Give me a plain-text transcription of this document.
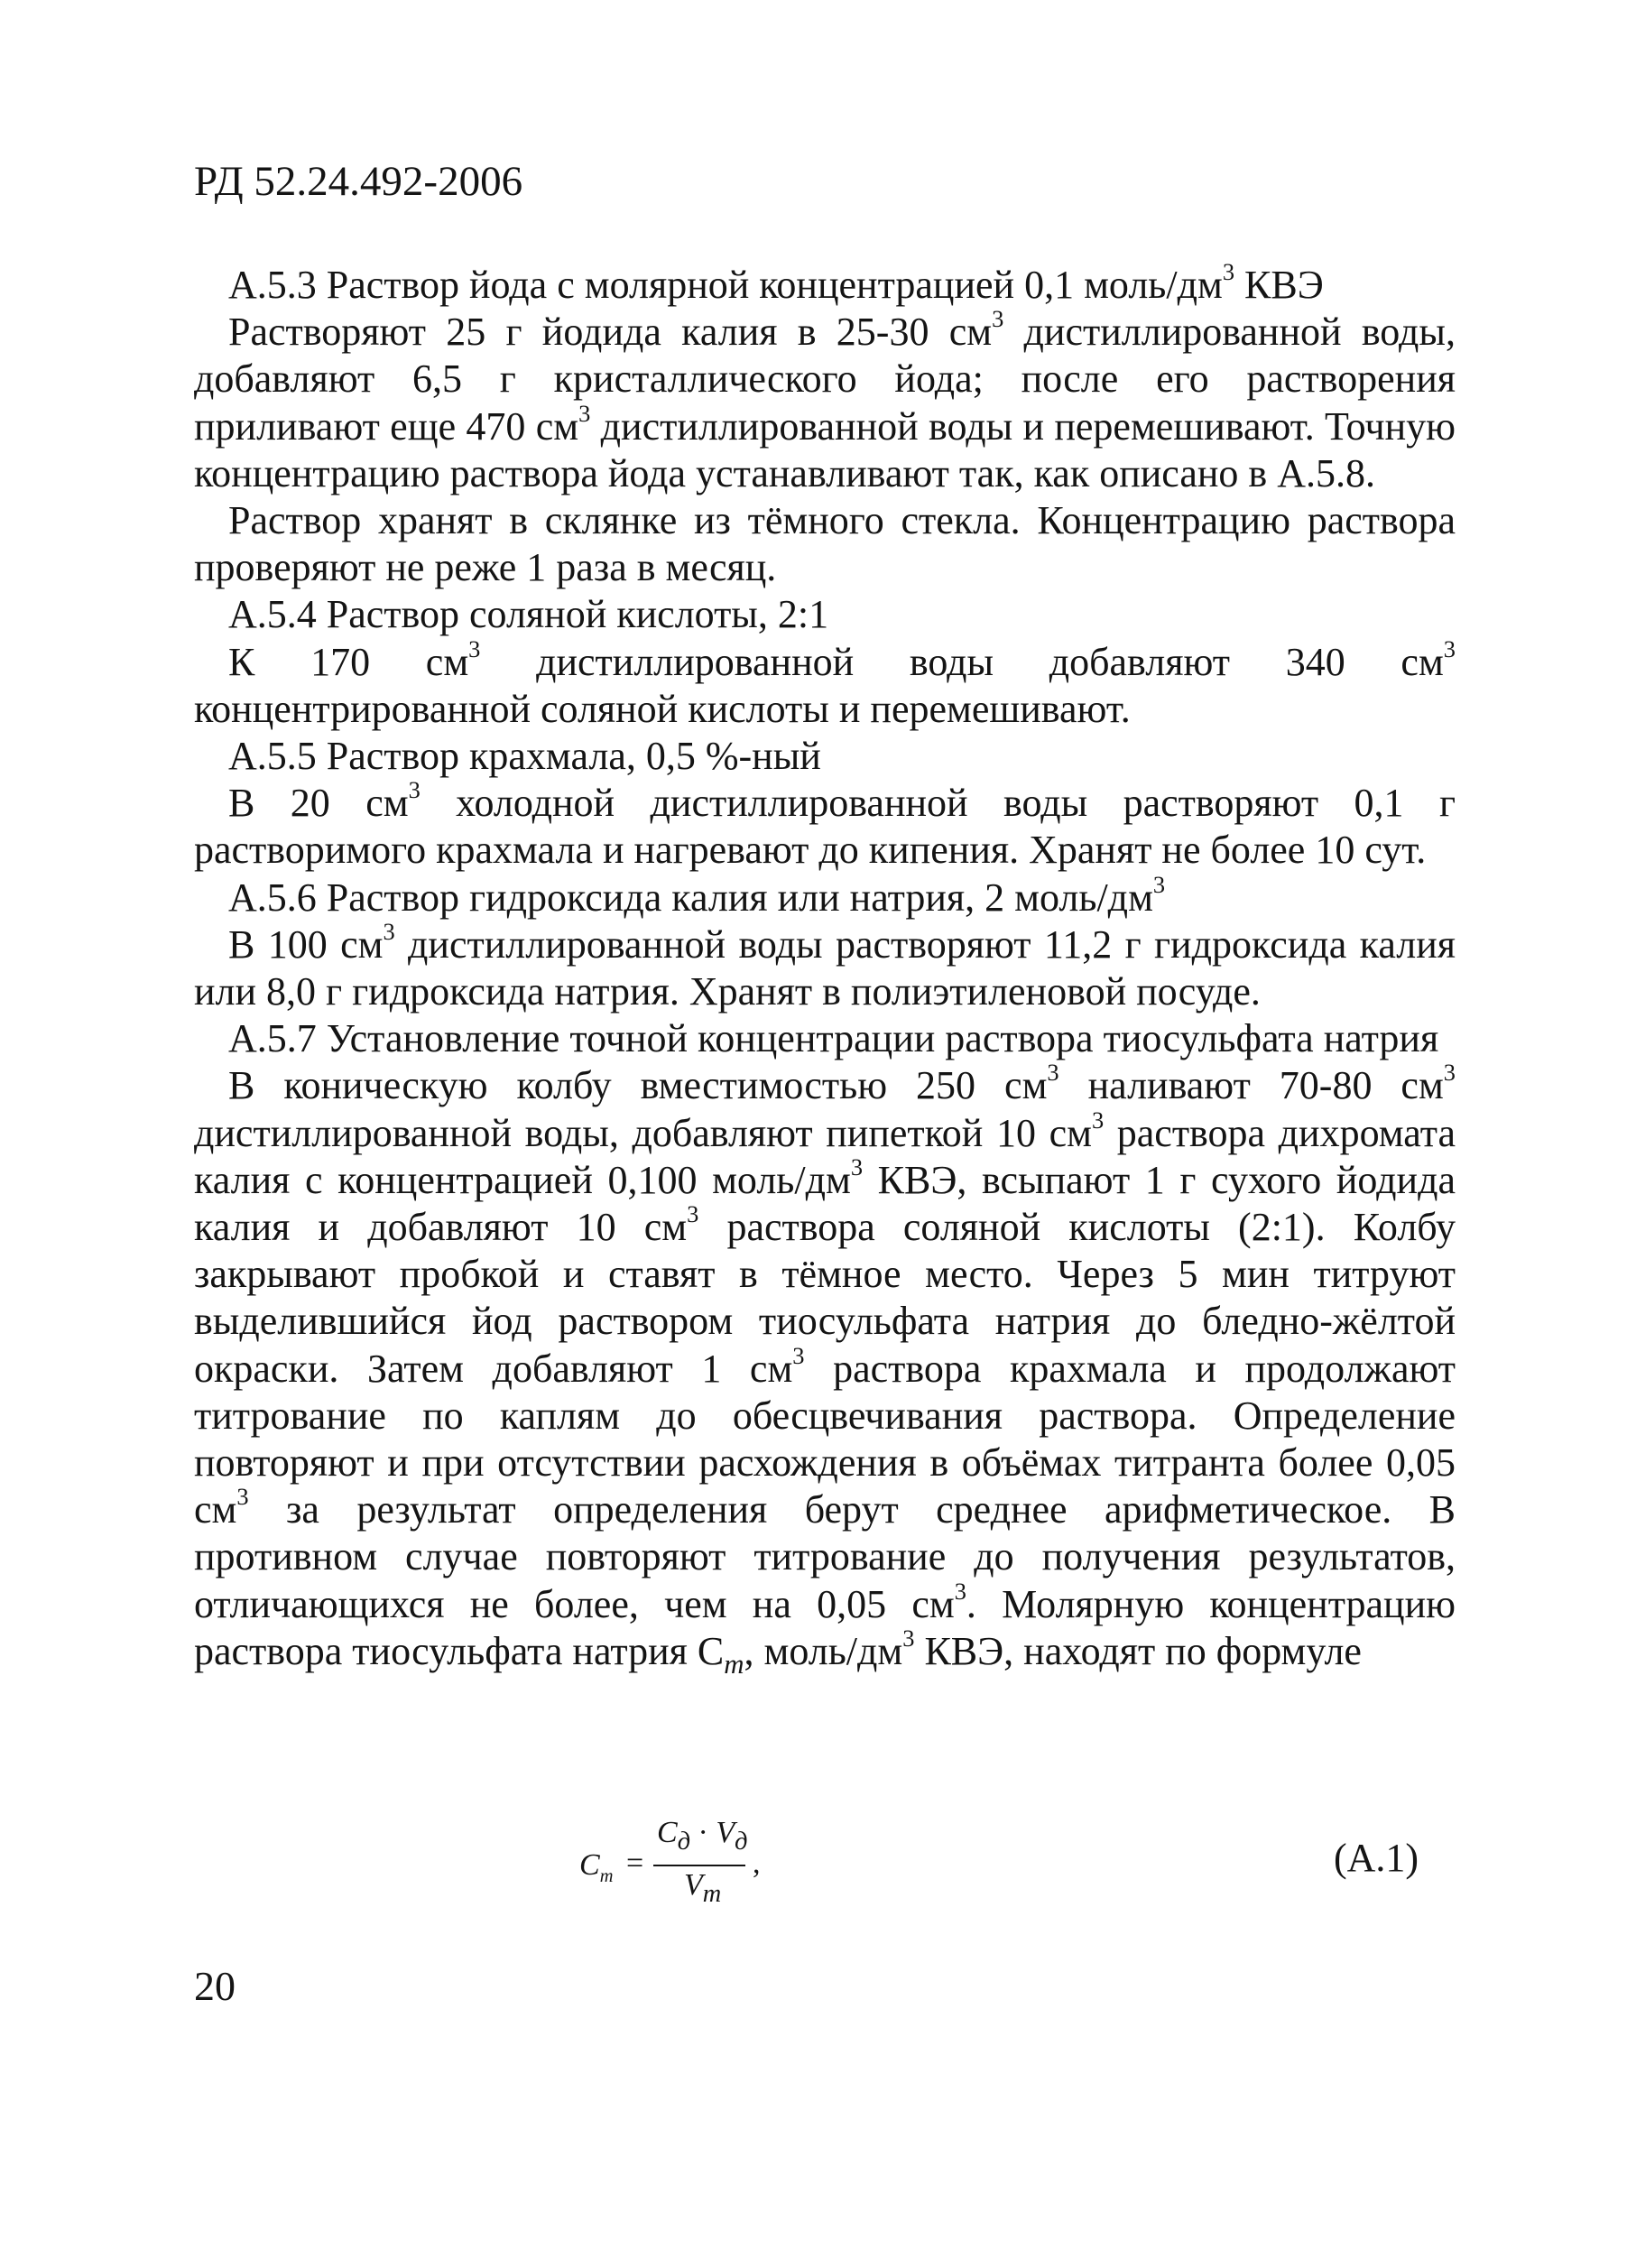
РД 52.24.492-2006

А.5.3 Раствор йода с молярной концентрацией 0,1 моль/$дм^3$ КВЭ

Растворяют 25 г йодида калия в 25-30 $см^3$ дистиллированной воды, добавляют 6,5 г кристаллического йода; после его растворения приливают еще 470 $см^3$ дистиллированной воды и перемешивают. Точную концентрацию раствора йода устанавливают так, как описано в А.5.8.

Раствор хранят в склянке из тёмного стекла. Концентрацию раствора проверяют не реже 1 раза в месяц.

А.5.4 Раствор соляной кислоты, 2:1

К 170 $см^3$ дистиллированной воды добавляют 340 $см^3$ концентрированной соляной кислоты и перемешивают.

А.5.5 Раствор крахмала, 0,5 %-ный

В 20 $см^3$ холодной дистиллированной воды растворяют 0,1 г растворимого крахмала и нагревают до кипения. Хранят не более 10 сут.

А.5.6 Раствор гидроксида калия или натрия, 2 моль/$дм^3$

В 100 $см^3$ дистиллированной воды растворяют 11,2 г гидроксида калия или 8,0 г гидроксида натрия. Хранят в полиэтиленовой посуде.

А.5.7 Установление точной концентрации раствора тиосульфата натрия

В коническую колбу вместимостью 250 $см^3$ наливают 70-80 $см^3$ дистиллированной воды, добавляют пипеткой 10 $см^3$ раствора дихромата калия с концентрацией 0,100 моль/$дм^3$ КВЭ, всыпают 1 г сухого йодида калия и добавляют 10 $см^3$ раствора соляной кислоты (2:1). Колбу закрывают пробкой и ставят в тёмное место. Через 5 мин титруют выделившийся йод раствором тиосульфата натрия до бледно-жёлтой окраски. Затем добавляют 1 $см^3$ раствора крахмала и продолжают титрование по каплям до обесцвечивания раствора. Определение повторяют и при отсутствии расхождения в объёмах титранта более 0,05 $см^3$ за результат определения берут среднее арифметическое. В противном случае повторяют титрование до получения результатов, отличающихся не более, чем на 0,05 $см^3$. Молярную концентрацию раствора тиосульфата натрия $С_т$, моль/$дм^3$ КВЭ, находят по формуле

$C_т$ =
$C_д \cdot V_д$
$V_т$
,	(А.1)
20
